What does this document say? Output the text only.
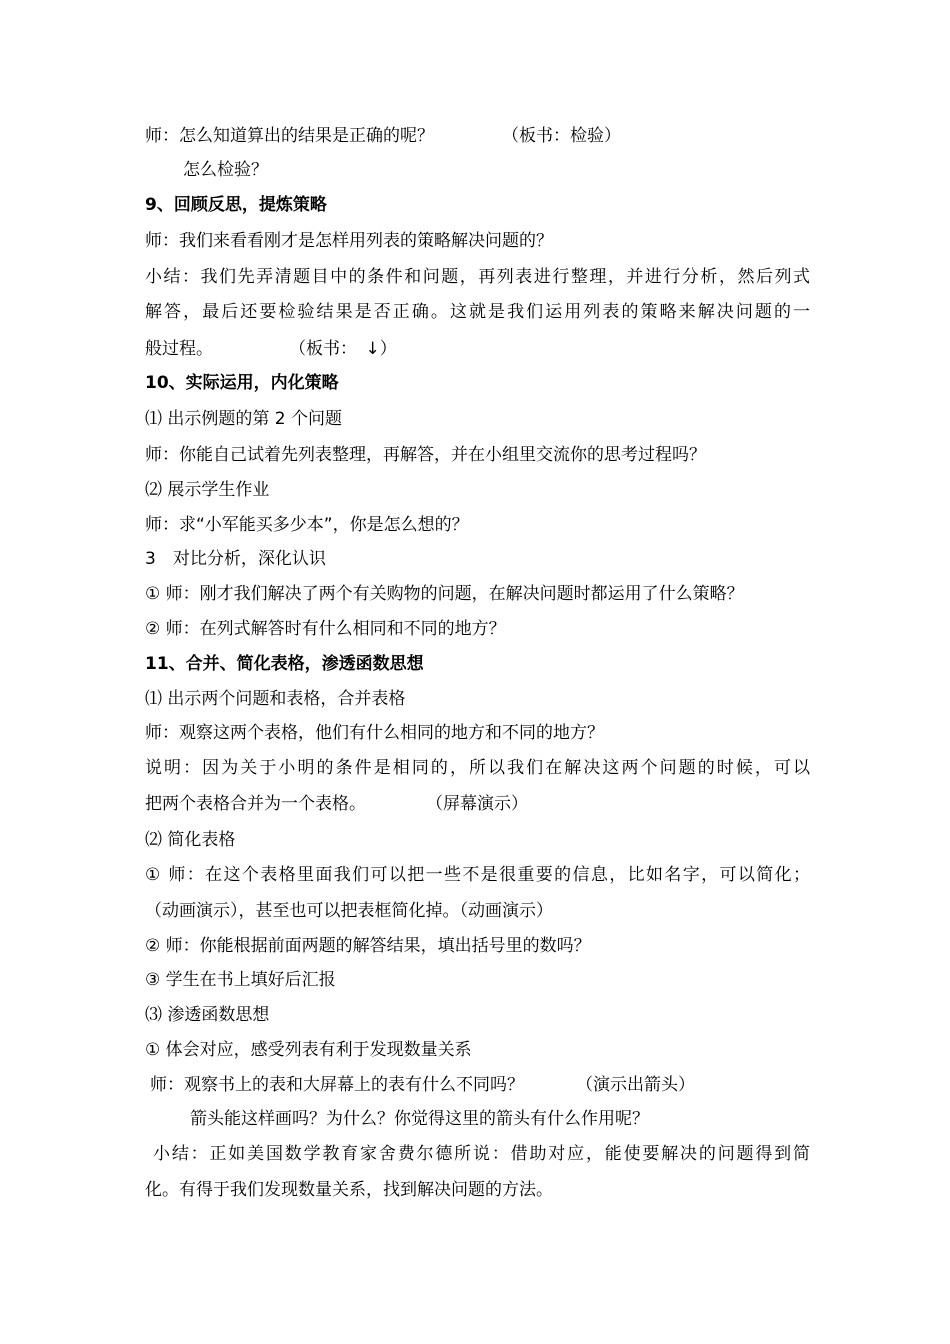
师：怎么知道算出的结果是正确的呢？	（板书：检验）
怎么检验？
9、回顾反思，提炼策略
师：我们来看看刚才是怎样用列表的策略解决问题的？
小结：我们先弄清题目中的条件和问题，再列表进行整理，并进行分析，然后列式
解答，最后还要检验结果是否正确。这就是我们运用列表的策略来解决问题的一
般过程。	（板书：　↓）
10、实际运用，内化策略
⑴ 出示例题的第 2 个问题
师：你能自己试着先列表整理，再解答，并在小组里交流你的思考过程吗？
⑵ 展示学生作业
师：求“小军能买多少本”，你是怎么想的？
3　对比分析，深化认识
① 师：刚才我们解决了两个有关购物的问题，在解决问题时都运用了什么策略？
② 师：在列式解答时有什么相同和不同的地方？
11、合并、简化表格，渗透函数思想
⑴ 出示两个问题和表格，合并表格
师：观察这两个表格，他们有什么相同的地方和不同的地方？
说明：因为关于小明的条件是相同的，所以我们在解决这两个问题的时候，可以
把两个表格合并为一个表格。	（屏幕演示）
⑵ 简化表格
① 师：在这个表格里面我们可以把一些不是很重要的信息，比如名字，可以简化；
（动画演示），甚至也可以把表框简化掉。（动画演示）
② 师：你能根据前面两题的解答结果，填出括号里的数吗？
③ 学生在书上填好后汇报
⑶ 渗透函数思想
① 体会对应，感受列表有利于发现数量关系
师：观察书上的表和大屏幕上的表有什么不同吗？	（演示出箭头）
箭头能这样画吗？为什么？你觉得这里的箭头有什么作用呢？
小结：正如美国数学教育家舍费尔德所说：借助对应，能使要解决的问题得到简
化。有得于我们发现数量关系，找到解决问题的方法。
